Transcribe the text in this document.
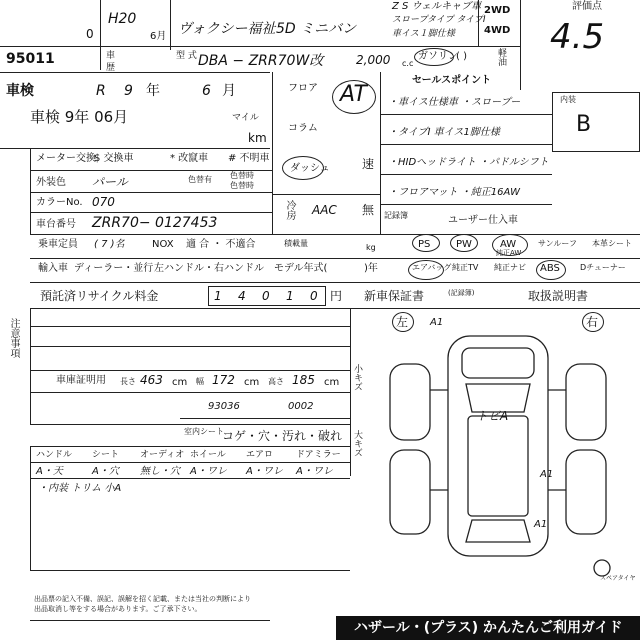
95011
0
H20
6月
車 歴	型 式
ヴォクシー福祉 5D ミニバン
Z S ウェルキャブ車
スロープタイプ タイプⅠ
車イス１脚仕様
2WD
4WD
評価点
4.5
DBA − ZRR70W改	2,000 c.c
ガソリン
( )	軽油
車検	R 9 年	6 月
車検 9年 06月	マイル
km
メーター交換
$ 交換車	* 改竄車 # 不明車
外装色 パール	色替有 色替時
色替時
カラーNo. 070
車台番号 ZRR70− 0127453
フロア
コラム
ダッシュ
AT
速
冷房 AAC 無
セールスポイント
・車イス仕様車 ・スロープー
・タイプⅠ 車イス1脚仕様
・HIDヘッドライト ・パドルシフト
・フロアマット ・純正16AW
記録簿	ユーザー仕入車
内装
B
PS	PW	AW
純正AW
サンルーフ 本革シート
エアバッグ 純正TV 純正ナビ ABS	Dチューナー
乗車定員 ( 7 )名	NOX 適 合 ・ 不適合	積載量	kg
輸入車 ディーラー・並行 左ハンドル・右ハンドル モデル年式(	)年
預託済リサイクル料金	1 4 0 1 0 円 新車保証書	(記録簿)	取扱説明書
注意事項
車庫証明用 長さ 463 cm 幅 172 cm 高さ 185 cm
93036	0002
小キズ
大キズ
室内シート
コゲ・穴・汚れ・破れ
ハンドル シート オーディオ ホイール エアロ	ドアミラー
A・天	A・穴 無し・穴 A・ワレ A・ワレ A・ワレ
・内装 トリム 小A
左	右
A1
A1
A1
トビA
スペアタイヤ
出品票の記入不備、誤記、誤解を招く記載、または当社の判断により
出品取消し等をする場合があります。ご了承下さい。
ハザール・(プラス) かんたんご利用ガイド
